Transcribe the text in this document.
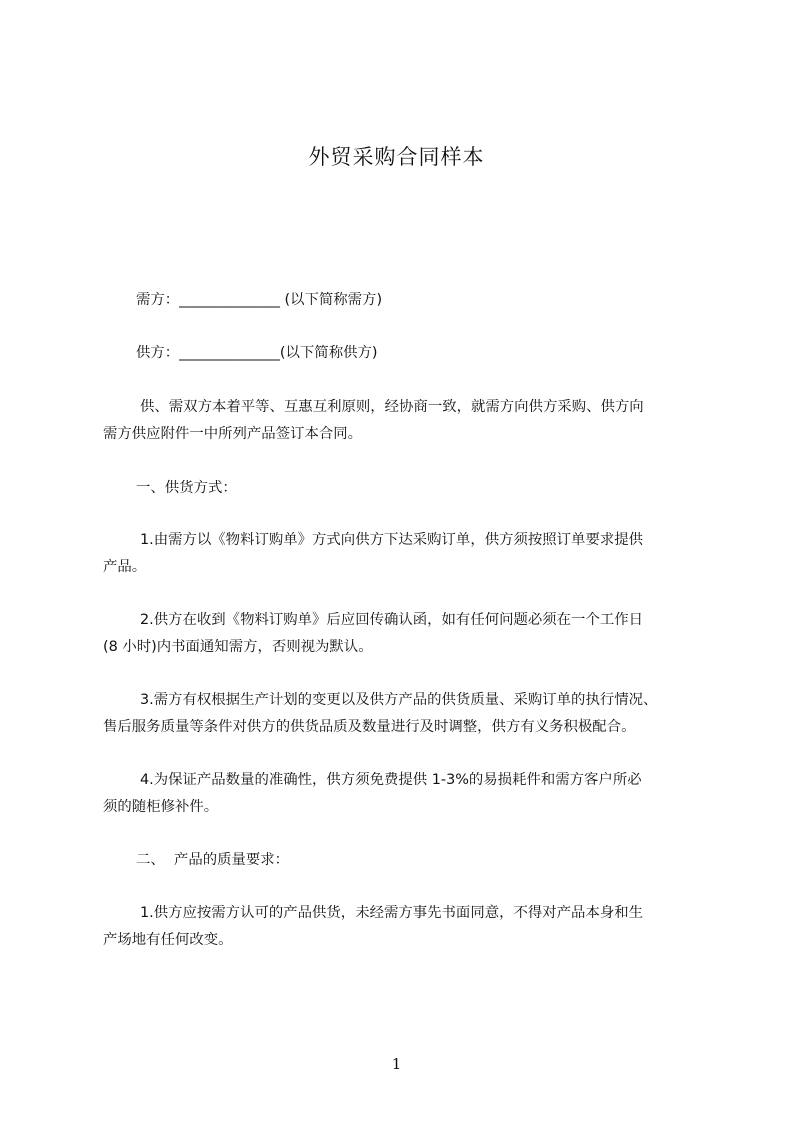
外贸采购合同样本
需方：______________ (以下简称需方)
供方：______________(以下简称供方)
供、需双方本着平等、互惠互利原则，经协商一致，就需方向供方采购、供方向
需方供应附件一中所列产品签订本合同。
一、供货方式：
1.由需方以《物料订购单》方式向供方下达采购订单，供方须按照订单要求提供
产品。
2.供方在收到《物料订购单》后应回传确认函，如有任何问题必须在一个工作日
(8 小时)内书面通知需方，否则视为默认。
3.需方有权根据生产计划的变更以及供方产品的供货质量、采购订单的执行情况、
售后服务质量等条件对供方的供货品质及数量进行及时调整，供方有义务积极配合。
4.为保证产品数量的准确性，供方须免费提供 1-3%的易损耗件和需方客户所必
须的随柜修补件。
二、  产品的质量要求：
1.供方应按需方认可的产品供货，未经需方事先书面同意，不得对产品本身和生
产场地有任何改变。
1
